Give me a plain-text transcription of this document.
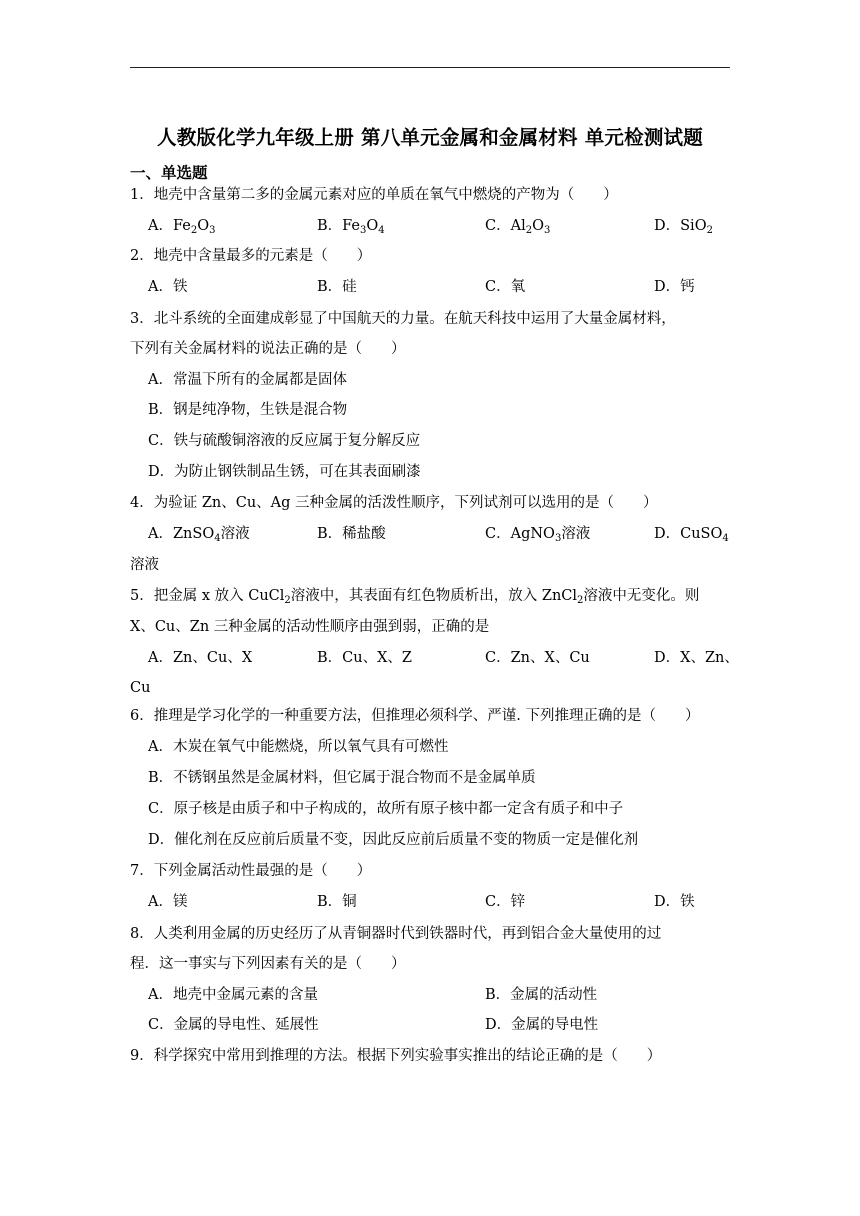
人教版化学九年级上册 第八单元金属和金属材料 单元检测试题
一、单选题
1．地壳中含量第二多的金属元素对应的单质在氧气中燃烧的产物为（　　）
A．$Fe_2O_3$	B．$Fe_3O_4$	C．$Al_2O_3$	D．SiO$_2$
2．地壳中含量最多的元素是（　　）
A．铁	B．硅	C．氧	D．钙
3．北斗系统的全面建成彰显了中国航天的力量。在航天科技中运用了大量金属材料，
下列有关金属材料的说法正确的是（　　）
A．常温下所有的金属都是固体
B．钢是纯净物，生铁是混合物
C．铁与硫酸铜溶液的反应属于复分解反应
D．为防止钢铁制品生锈，可在其表面刷漆
4．为验证 Zn、Cu、Ag 三种金属的活泼性顺序，下列试剂可以选用的是（　　）
A．ZnSO$_4$溶液	B．稀盐酸	C．AgNO$_3$溶液	D．CuSO$_4$
溶液
5．把金属 x 放入 CuCl$_2$溶液中，其表面有红色物质析出，放入 ZnCl$_2$溶液中无变化。则
X、Cu、Zn 三种金属的活动性顺序由强到弱，正确的是
A．Zn、Cu、X	B．Cu、X、Z	C．Zn、X、Cu	D．X、Zn、
Cu
6．推理是学习化学的一种重要方法，但推理必须科学、严谨. 下列推理正确的是（　　）
A．木炭在氧气中能燃烧，所以氧气具有可燃性
B．不锈钢虽然是金属材料，但它属于混合物而不是金属单质
C．原子核是由质子和中子构成的，故所有原子核中都一定含有质子和中子
D．催化剂在反应前后质量不变，因此反应前后质量不变的物质一定是催化剂
7．下列金属活动性最强的是（　　）
A．镁	B．铜	C．锌	D．铁
8．人类利用金属的历史经历了从青铜器时代到铁器时代，再到铝合金大量使用的过
程．这一事实与下列因素有关的是（　　）
A．地壳中金属元素的含量	B．金属的活动性
C．金属的导电性、延展性	D．金属的导电性
9．科学探究中常用到推理的方法。根据下列实验事实推出的结论正确的是（　　）
